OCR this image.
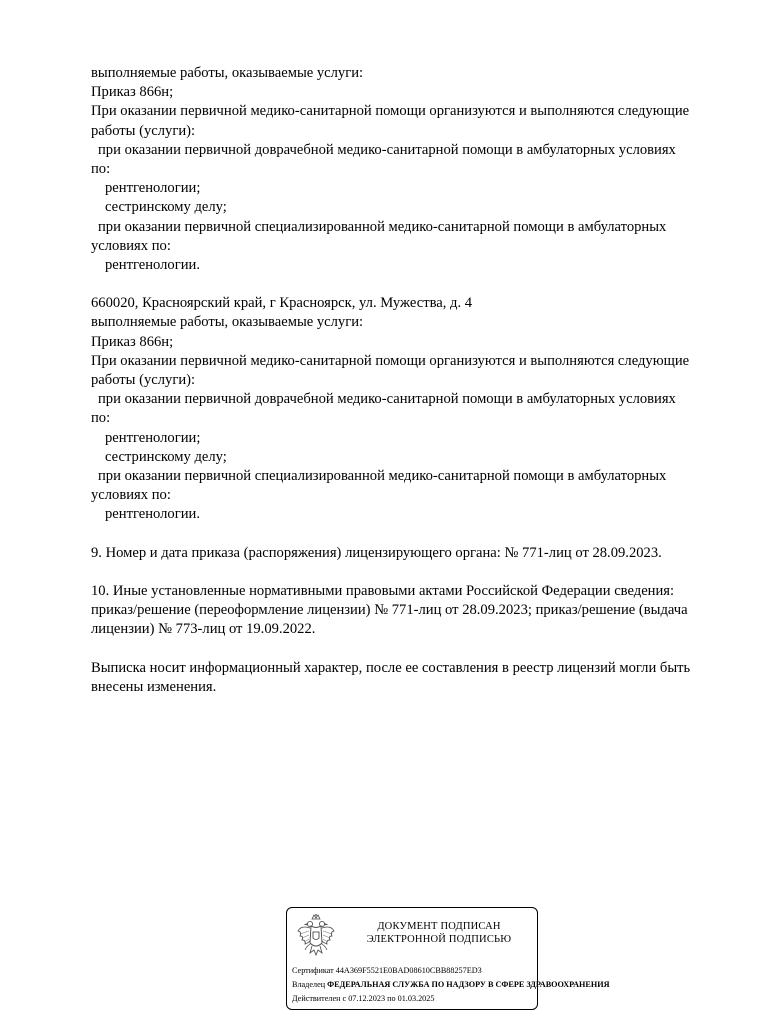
выполняемые работы, оказываемые услуги:

Приказ 866н;

При оказании первичной медико-санитарной помощи организуются и выполняются следующие

работы (услуги):

при оказании первичной доврачебной медико-санитарной помощи в амбулаторных условиях

по:

рентгенологии;

сестринскому делу;

при оказании первичной специализированной медико-санитарной помощи в амбулаторных

условиях по:

рентгенологии.

660020, Красноярский край, г Красноярск, ул. Мужества, д. 4

выполняемые работы, оказываемые услуги:

Приказ 866н;

При оказании первичной медико-санитарной помощи организуются и выполняются следующие

работы (услуги):

при оказании первичной доврачебной медико-санитарной помощи в амбулаторных условиях

по:

рентгенологии;

сестринскому делу;

при оказании первичной специализированной медико-санитарной помощи в амбулаторных

условиях по:

рентгенологии.

9. Номер и дата приказа (распоряжения) лицензирующего органа: № 771-лиц от 28.09.2023.

10. Иные установленные нормативными правовыми актами Российской Федерации сведения:

приказ/решение (переоформление лицензии) № 771-лиц от 28.09.2023; приказ/решение (выдача

лицензии) № 773-лиц от 19.09.2022.

Выписка носит информационный характер, после ее составления в реестр лицензий могли быть

внесены изменения.

ДОКУМЕНТ ПОДПИСАН
ЭЛЕКТРОННОЙ ПОДПИСЬЮ
Сертификат 44A369F5521E0BAD08610CBB88257ED3
Владелец ФЕДЕРАЛЬНАЯ СЛУЖБА ПО НАДЗОРУ В СФЕРЕ ЗДРАВООХРАНЕНИЯ
Действителен с 07.12.2023 по 01.03.2025
